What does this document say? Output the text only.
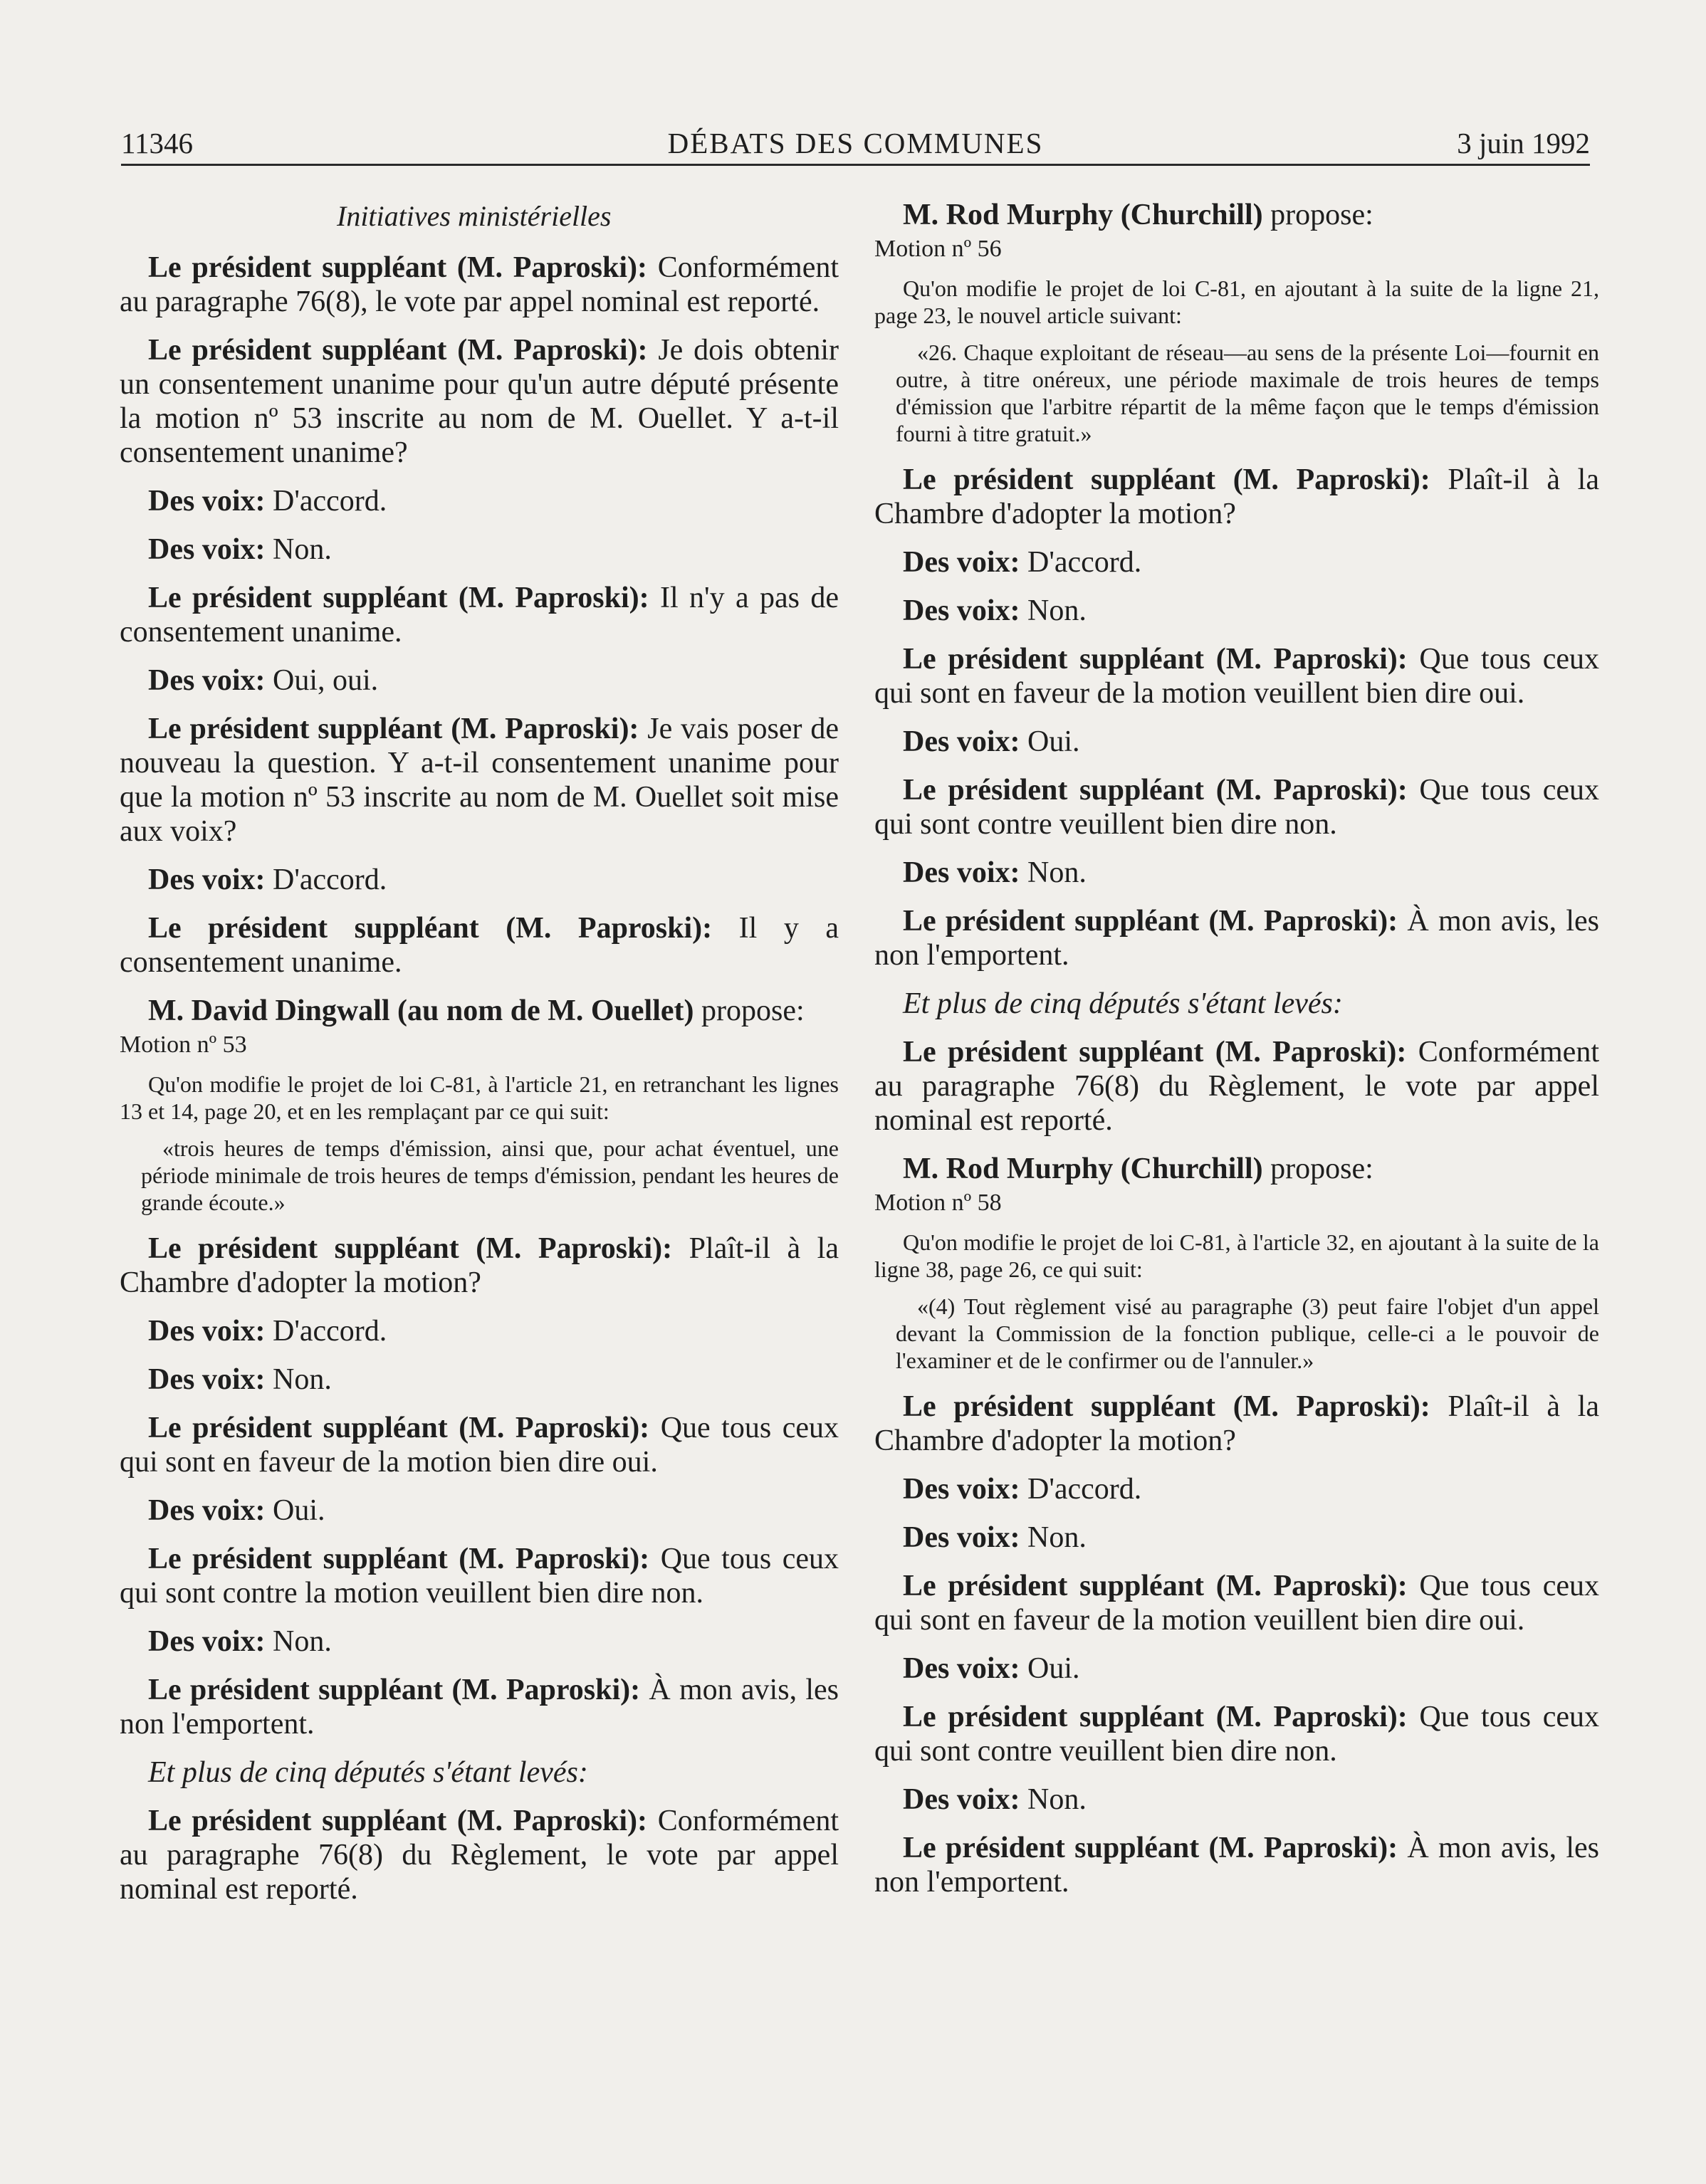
11346	DÉBATS DES COMMUNES	3 juin 1992
Initiatives ministérielles

Le président suppléant (M. Paproski): Conformément au paragraphe 76(8), le vote par appel nominal est reporté.

Le président suppléant (M. Paproski): Je dois obtenir un consentement unanime pour qu'un autre député présente la motion nº 53 inscrite au nom de M. Ouellet. Y a-t-il consentement unanime?

Des voix: D'accord.

Des voix: Non.

Le président suppléant (M. Paproski): Il n'y a pas de consentement unanime.

Des voix: Oui, oui.

Le président suppléant (M. Paproski): Je vais poser de nouveau la question. Y a-t-il consentement unanime pour que la motion nº 53 inscrite au nom de M. Ouellet soit mise aux voix?

Des voix: D'accord.

Le président suppléant (M. Paproski): Il y a consentement unanime.

M. David Dingwall (au nom de M. Ouellet) propose:

Motion nº 53

Qu'on modifie le projet de loi C-81, à l'article 21, en retranchant les lignes 13 et 14, page 20, et en les remplaçant par ce qui suit:

«trois heures de temps d'émission, ainsi que, pour achat éventuel, une période minimale de trois heures de temps d'émission, pendant les heures de grande écoute.»

Le président suppléant (M. Paproski): Plaît-il à la Chambre d'adopter la motion?

Des voix: D'accord.

Des voix: Non.

Le président suppléant (M. Paproski): Que tous ceux qui sont en faveur de la motion bien dire oui.

Des voix: Oui.

Le président suppléant (M. Paproski): Que tous ceux qui sont contre la motion veuillent bien dire non.

Des voix: Non.

Le président suppléant (M. Paproski): À mon avis, les non l'emportent.

Et plus de cinq députés s'étant levés:

Le président suppléant (M. Paproski): Conformément au paragraphe 76(8) du Règlement, le vote par appel nominal est reporté.

M. Rod Murphy (Churchill) propose:

Motion nº 56

Qu'on modifie le projet de loi C-81, en ajoutant à la suite de la ligne 21, page 23, le nouvel article suivant:

«26. Chaque exploitant de réseau—au sens de la présente Loi—fournit en outre, à titre onéreux, une période maximale de trois heures de temps d'émission que l'arbitre répartit de la même façon que le temps d'émission fourni à titre gratuit.»

Le président suppléant (M. Paproski): Plaît-il à la Chambre d'adopter la motion?

Des voix: D'accord.

Des voix: Non.

Le président suppléant (M. Paproski): Que tous ceux qui sont en faveur de la motion veuillent bien dire oui.

Des voix: Oui.

Le président suppléant (M. Paproski): Que tous ceux qui sont contre veuillent bien dire non.

Des voix: Non.

Le président suppléant (M. Paproski): À mon avis, les non l'emportent.

Et plus de cinq députés s'étant levés:

Le président suppléant (M. Paproski): Conformément au paragraphe 76(8) du Règlement, le vote par appel nominal est reporté.

M. Rod Murphy (Churchill) propose:

Motion nº 58

Qu'on modifie le projet de loi C-81, à l'article 32, en ajoutant à la suite de la ligne 38, page 26, ce qui suit:

«(4) Tout règlement visé au paragraphe (3) peut faire l'objet d'un appel devant la Commission de la fonction publique, celle-ci a le pouvoir de l'examiner et de le confirmer ou de l'annuler.»

Le président suppléant (M. Paproski): Plaît-il à la Chambre d'adopter la motion?

Des voix: D'accord.

Des voix: Non.

Le président suppléant (M. Paproski): Que tous ceux qui sont en faveur de la motion veuillent bien dire oui.

Des voix: Oui.

Le président suppléant (M. Paproski): Que tous ceux qui sont contre veuillent bien dire non.

Des voix: Non.

Le président suppléant (M. Paproski): À mon avis, les non l'emportent.
